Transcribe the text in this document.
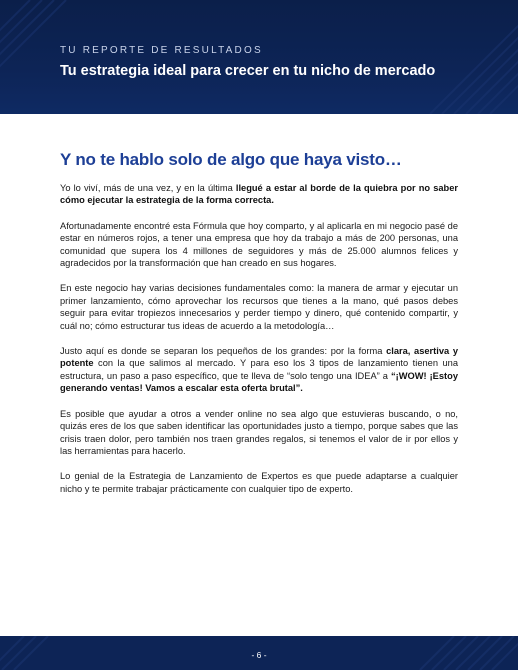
TU REPORTE DE RESULTADOS
Tu estrategia ideal para crecer en tu nicho de mercado
Y no te hablo solo de algo que haya visto…

Yo lo viví, más de una vez, y en la última llegué a estar al borde de la quiebra por no saber cómo ejecutar la estrategia de la forma correcta.

Afortunadamente encontré esta Fórmula que hoy comparto, y al aplicarla en mi negocio pasé de estar en números rojos, a tener una empresa que hoy da trabajo a más de 200 personas, una comunidad que supera los 4 millones de seguidores y más de 25.000 alumnos felices y agradecidos por la transformación que han creado en sus hogares.

En este negocio hay varias decisiones fundamentales como: la manera de armar y ejecutar un primer lanzamiento, cómo aprovechar los recursos que tienes a la mano, qué pasos debes seguir para evitar tropiezos innecesarios y perder tiempo y dinero, qué contenido compartir, y cuál no; cómo estructurar tus ideas de acuerdo a la metodología…

Justo aquí es donde se separan los pequeños de los grandes: por la forma clara, asertiva y potente con la que salimos al mercado. Y para eso los 3 tipos de lanzamiento tienen una estructura, un paso a paso específico, que te lleva de “solo tengo una IDEA” a “¡WOW! ¡Estoy generando ventas! Vamos a escalar esta oferta brutal”.

Es posible que ayudar a otros a vender online no sea algo que estuvieras buscando, o no, quizás eres de los que saben identificar las oportunidades justo a tiempo, porque sabes que las crisis traen dolor, pero también nos traen grandes regalos, si tenemos el valor de ir por ellos y las herramientas para hacerlo.

Lo genial de la Estrategia de Lanzamiento de Expertos es que puede adaptarse a cualquier nicho y te permite trabajar prácticamente con cualquier tipo de experto.

- 6 -
